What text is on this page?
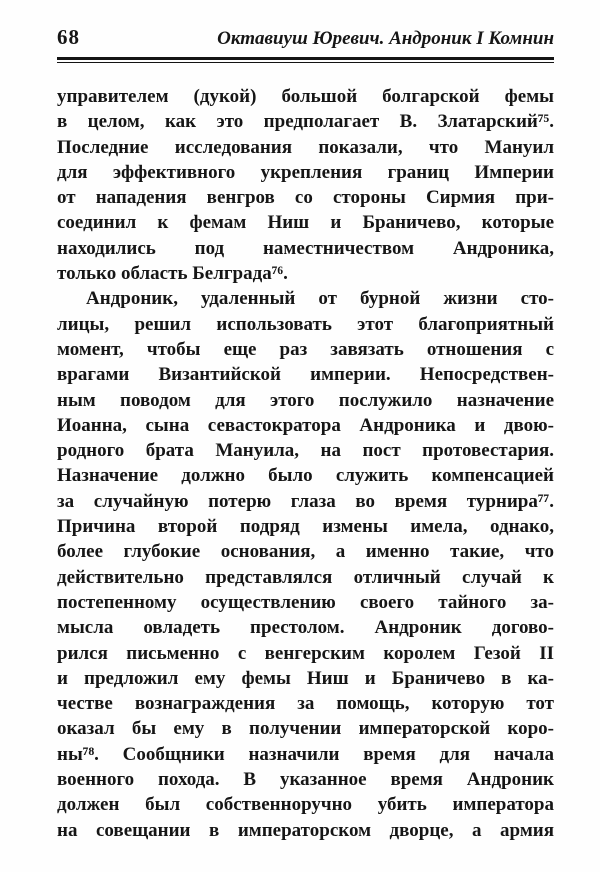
68	Октавиуш Юревич. Андроник I Комнин
управителем (дукой) большой болгарской фемы
в целом, как это предполагает В. Златарский⁷⁵.
Последние исследования показали, что Мануил
для эффективного укрепления границ Империи
от нападения венгров со стороны Сирмия при-
соединил к фемам Ниш и Браничево, которые
находились под наместничеством Андроника,
только область Белграда⁷⁶.
Андроник, удаленный от бурной жизни сто-
лицы, решил использовать этот благоприятный
момент, чтобы еще раз завязать отношения с
врагами Византийской империи. Непосредствен-
ным поводом для этого послужило назначение
Иоанна, сына севастократора Андроника и двою-
родного брата Мануила, на пост протовестария.
Назначение должно было служить компенсацией
за случайную потерю глаза во время турнира⁷⁷.
Причина второй подряд измены имела, однако,
более глубокие основания, а именно такие, что
действительно представлялся отличный случай к
постепенному осуществлению своего тайного за-
мысла овладеть престолом. Андроник догово-
рился письменно с венгерским королем Гезой II
и предложил ему фемы Ниш и Браничево в ка-
честве вознаграждения за помощь, которую тот
оказал бы ему в получении императорской коро-
ны⁷⁸. Сообщники назначили время для начала
военного похода. В указанное время Андроник
должен был собственноручно убить императора
на совещании в императорском дворце, а армия
